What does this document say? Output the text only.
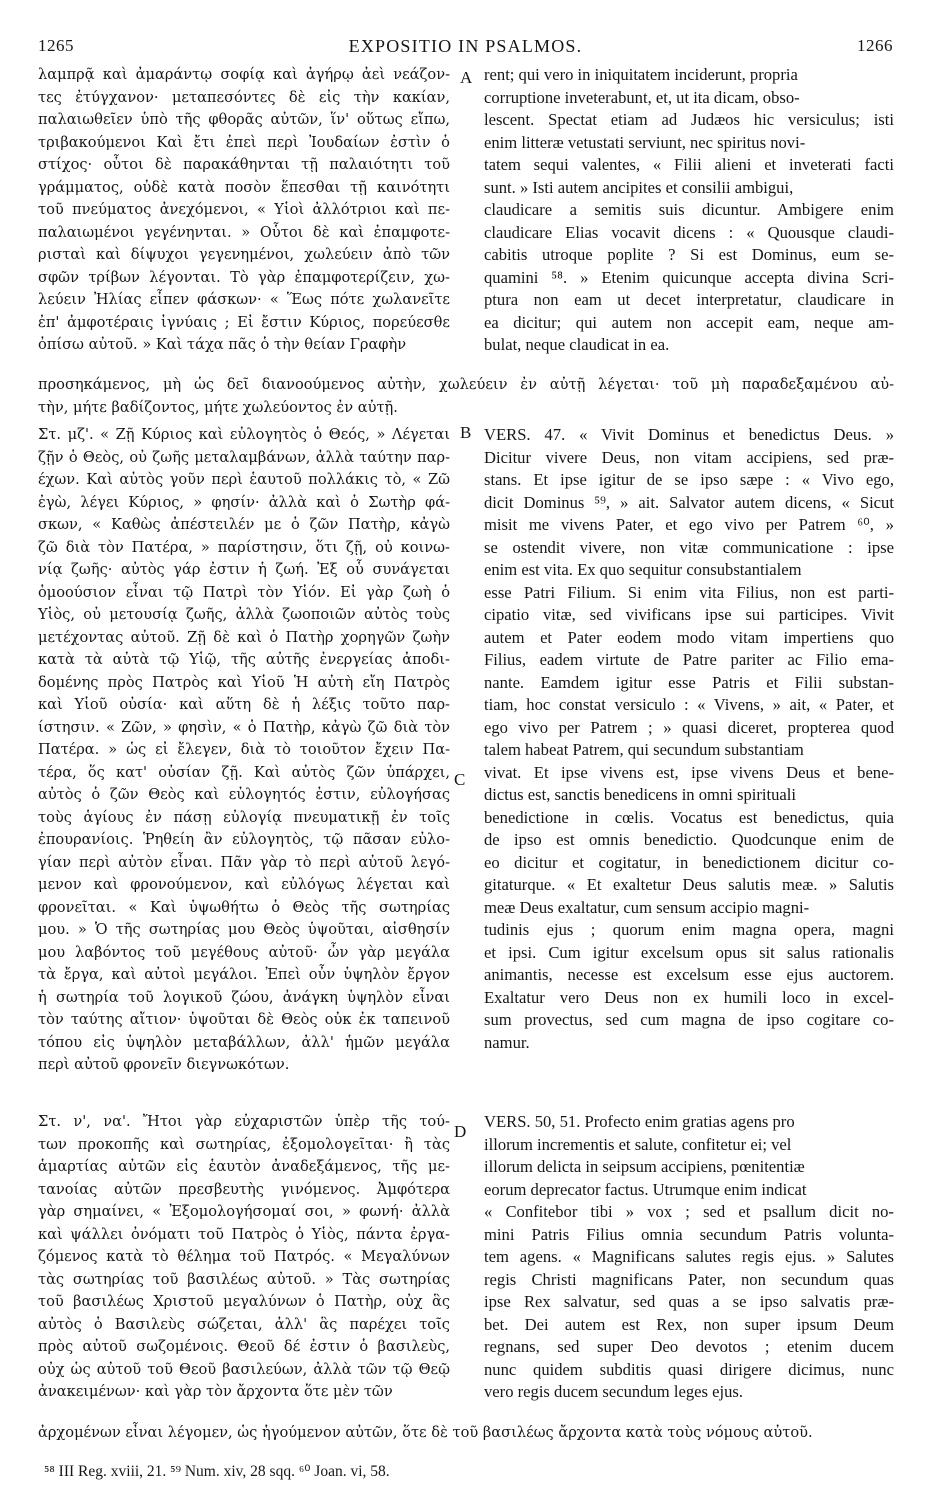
1265	EXPOSITIO IN PSALMOS.	1266
A
B
C
D
λαμπρᾷ καὶ ἀμαράντῳ σοφίᾳ καὶ ἀγήρῳ ἀεὶ νεάζον-
τες ἐτύγχανον· μεταπεσόντες δὲ εἰς τὴν κακίαν,
παλαιωθεῖεν ὑπὸ τῆς φθορᾶς αὐτῶν, ἵν' οὕτως εἴπω,
τριβακούμενοι Καὶ ἔτι ἐπεὶ περὶ Ἰουδαίων ἐστὶν ὁ
στίχος· οὗτοι δὲ παρακάθηνται τῇ παλαιότητι τοῦ
γράμματος, οὐδὲ κατὰ ποσὸν ἕπεσθαι τῇ καινότητι
τοῦ πνεύματος ἀνεχόμενοι, « Υἱοὶ ἀλλότριοι καὶ πε-
παλαιωμένοι γεγένηνται. » Οὗτοι δὲ καὶ ἐπαμφοτε-
ρισταὶ καὶ δίψυχοι γεγενημένοι, χωλεύειν ἀπὸ τῶν
σφῶν τρίβων λέγονται. Τὸ γὰρ ἐπαμφοτερίζειν, χω-
λεύειν Ἠλίας εἶπεν φάσκων· « Ἕως πότε χωλανεῖτε
ἐπ' ἀμφοτέραις ἰγνύαις ; Εἰ ἔστιν Κύριος, πορεύεσθε
ὀπίσω αὐτοῦ. » Καὶ τάχα πᾶς ὁ τὴν θείαν Γραφὴν
προσηκάμενος, μὴ ὡς δεῖ διανοούμενος αὐτὴν, χωλεύειν ἐν αὐτῇ λέγεται· τοῦ μὴ παραδεξαμένου αὐ-
τὴν, μήτε βαδίζοντος, μήτε χωλεύοντος ἐν αὐτῇ.
rent; qui vero in iniquitatem inciderunt, propria
corruptione inveterabunt, et, ut ita dicam, obso-
lescent. Spectat etiam ad Judæos hic versiculus; isti
enim litteræ vetustati serviunt, nec spiritus novi-
tatem sequi valentes, « Filii alieni et inveterati facti
sunt. » Isti autem ancipites et consilii ambigui,
claudicare a semitis suis dicuntur. Ambigere enim
claudicare Elias vocavit dicens : « Quousque claudi-
cabitis utroque poplite ? Si est Dominus, eum se-
quamini ⁵⁸. » Etenim quicunque accepta divina Scri-
ptura non eam ut decet interpretatur, claudicare in
ea dicitur; qui autem non accepit eam, neque am-
bulat, neque claudicat in ea.
Στ. μζ'. « Ζῇ Κύριος καὶ εὐλογητὸς ὁ Θεός, » Λέγεται
ζῇν ὁ Θεὸς, οὐ ζωῆς μεταλαμβάνων, ἀλλὰ ταύτην παρ-
έχων. Καὶ αὐτὸς γοῦν περὶ ἑαυτοῦ πολλάκις τὸ, « Ζῶ
ἐγὼ, λέγει Κύριος, » φησίν· ἀλλὰ καὶ ὁ Σωτὴρ φά-
σκων, « Καθὼς ἀπέστειλέν με ὁ ζῶν Πατὴρ, κἀγὼ
ζῶ διὰ τὸν Πατέρα, » παρίστησιν, ὅτι ζῇ, οὐ κοινω-
νίᾳ ζωῆς· αὐτὸς γάρ ἐστιν ἡ ζωή. Ἐξ οὗ συνάγεται
ὁμοούσιον εἶναι τῷ Πατρὶ τὸν Υἱόν. Εἰ γὰρ ζωὴ ὁ
Υἱὸς, οὐ μετουσίᾳ ζωῆς, ἀλλὰ ζωοποιῶν αὐτὸς τοὺς
μετέχοντας αὐτοῦ. Ζῇ δὲ καὶ ὁ Πατὴρ χορηγῶν ζωὴν
κατὰ τὰ αὐτὰ τῷ Υἱῷ, τῆς αὐτῆς ἐνεργείας ἀποδι-
δομένης πρὸς Πατρὸς καὶ Υἱοῦ Ἡ αὐτὴ εἴη Πατρὸς
καὶ Υἱοῦ οὐσία· καὶ αὕτη δὲ ἡ λέξις τοῦτο παρ-
ίστησιν. « Ζῶν, » φησὶν, « ὁ Πατὴρ, κἀγὼ ζῶ διὰ τὸν
Πατέρα. » ὡς εἰ ἔλεγεν, διὰ τὸ τοιοῦτον ἔχειν Πα-
τέρα, ὅς κατ' οὐσίαν ζῇ. Καὶ αὐτὸς ζῶν ὑπάρχει,
αὐτὸς ὁ ζῶν Θεὸς καὶ εὐλογητός ἐστιν, εὐλογήσας
τοὺς ἁγίους ἐν πάσῃ εὐλογίᾳ πνευματικῇ ἐν τοῖς
ἐπουρανίοις. Ῥηθείη ἂν εὐλογητὸς, τῷ πᾶσαν εὐλο-
γίαν περὶ αὐτὸν εἶναι. Πᾶν γὰρ τὸ περὶ αὐτοῦ λεγό-
μενον καὶ φρονούμενον, καὶ εὐλόγως λέγεται καὶ
φρονεῖται. « Καὶ ὑψωθήτω ὁ Θεὸς τῆς σωτηρίας
μου. » Ὁ τῆς σωτηρίας μου Θεὸς ὑψοῦται, αἰσθησίν
μου λαβόντος τοῦ μεγέθους αὐτοῦ· ὧν γὰρ μεγάλα
τὰ ἔργα, καὶ αὐτοὶ μεγάλοι. Ἐπεὶ οὖν ὑψηλὸν ἔργον
ἡ σωτηρία τοῦ λογικοῦ ζώου, ἀνάγκη ὑψηλὸν εἶναι
τὸν ταύτης αἴτιον· ὑψοῦται δὲ Θεὸς οὐκ ἐκ ταπεινοῦ
τόπου εἰς ὑψηλὸν μεταβάλλων, ἀλλ' ἡμῶν μεγάλα
περὶ αὐτοῦ φρονεῖν διεγνωκότων.
VERS. 47. « Vivit Dominus et benedictus Deus. »
Dicitur vivere Deus, non vitam accipiens, sed præ-
stans. Et ipse igitur de se ipso sæpe : « Vivo ego,
dicit Dominus ⁵⁹, » ait. Salvator autem dicens, « Sicut
misit me vivens Pater, et ego vivo per Patrem ⁶⁰, »
se ostendit vivere, non vitæ communicatione : ipse
enim est vita. Ex quo sequitur consubstantialem
esse Patri Filium. Si enim vita Filius, non est parti-
cipatio vitæ, sed vivificans ipse sui participes. Vivit
autem et Pater eodem modo vitam impertiens quo
Filius, eadem virtute de Patre pariter ac Filio ema-
nante. Eamdem igitur esse Patris et Filii substan-
tiam, hoc constat versiculo : « Vivens, » ait, « Pater, et
ego vivo per Patrem ; » quasi diceret, propterea quod
talem habeat Patrem, qui secundum substantiam
vivat. Et ipse vivens est, ipse vivens Deus et bene-
dictus est, sanctis benedicens in omni spirituali
benedictione in cœlis. Vocatus est benedictus, quia
de ipso est omnis benedictio. Quodcunque enim de
eo dicitur et cogitatur, in benedictionem dicitur co-
gitaturque. « Et exaltetur Deus salutis meæ. » Salutis
meæ Deus exaltatur, cum sensum accipio magni-
tudinis ejus ; quorum enim magna opera, magni
et ipsi. Cum igitur excelsum opus sit salus rationalis
animantis, necesse est excelsum esse ejus auctorem.
Exaltatur vero Deus non ex humili loco in excel-
sum provectus, sed cum magna de ipso cogitare co-
namur.
Στ. ν', να'. Ἤτοι γὰρ εὐχαριστῶν ὑπὲρ τῆς τού-
των προκοπῆς καὶ σωτηρίας, ἐξομολογεῖται· ἢ τὰς
ἁμαρτίας αὐτῶν εἰς ἑαυτὸν ἀναδεξάμενος, τῆς με-
τανοίας αὐτῶν πρεσβευτὴς γινόμενος. Ἀμφότερα
γὰρ σημαίνει, « Ἐξομολογήσομαί σοι, » φωνή· ἀλλὰ
καὶ ψάλλει ὀνόματι τοῦ Πατρὸς ὁ Υἱὸς, πάντα ἐργα-
ζόμενος κατὰ τὸ θέλημα τοῦ Πατρός. « Μεγαλύνων
τὰς σωτηρίας τοῦ βασιλέως αὐτοῦ. » Τὰς σωτηρίας
τοῦ βασιλέως Χριστοῦ μεγαλύνων ὁ Πατὴρ, οὐχ ἃς
αὐτὸς ὁ Βασιλεὺς σώζεται, ἀλλ' ἃς παρέχει τοῖς
πρὸς αὐτοῦ σωζομένοις. Θεοῦ δέ ἐστιν ὁ βασιλεὺς,
οὐχ ὡς αὐτοῦ τοῦ Θεοῦ βασιλεύων, ἀλλὰ τῶν τῷ Θεῷ
ἀνακειμένων· καὶ γὰρ τὸν ἄρχοντα ὅτε μὲν τῶν
ἀρχομένων εἶναι λέγομεν, ὡς ἡγούμενον αὐτῶν, ὅτε δὲ τοῦ βασιλέως ἄρχοντα κατὰ τοὺς νόμους αὐτοῦ.
VERS. 50, 51. Profecto enim gratias agens pro
illorum incrementis et salute, confitetur ei; vel
illorum delicta in seipsum accipiens, pœnitentiæ
eorum deprecator factus. Utrumque enim indicat
« Confitebor tibi » vox ; sed et psallum dicit no-
mini Patris Filius omnia secundum Patris volunta-
tem agens. « Magnificans salutes regis ejus. » Salutes
regis Christi magnificans Pater, non secundum quas
ipse Rex salvatur, sed quas a se ipso salvatis præ-
bet. Dei autem est Rex, non super ipsum Deum
regnans, sed super Deo devotos ; etenim ducem
nunc quidem subditis quasi dirigere dicimus, nunc
vero regis ducem secundum leges ejus.
⁵⁸ III Reg. xviii, 21. ⁵⁹ Num. xiv, 28 sqq. ⁶⁰ Joan. vi, 58.
